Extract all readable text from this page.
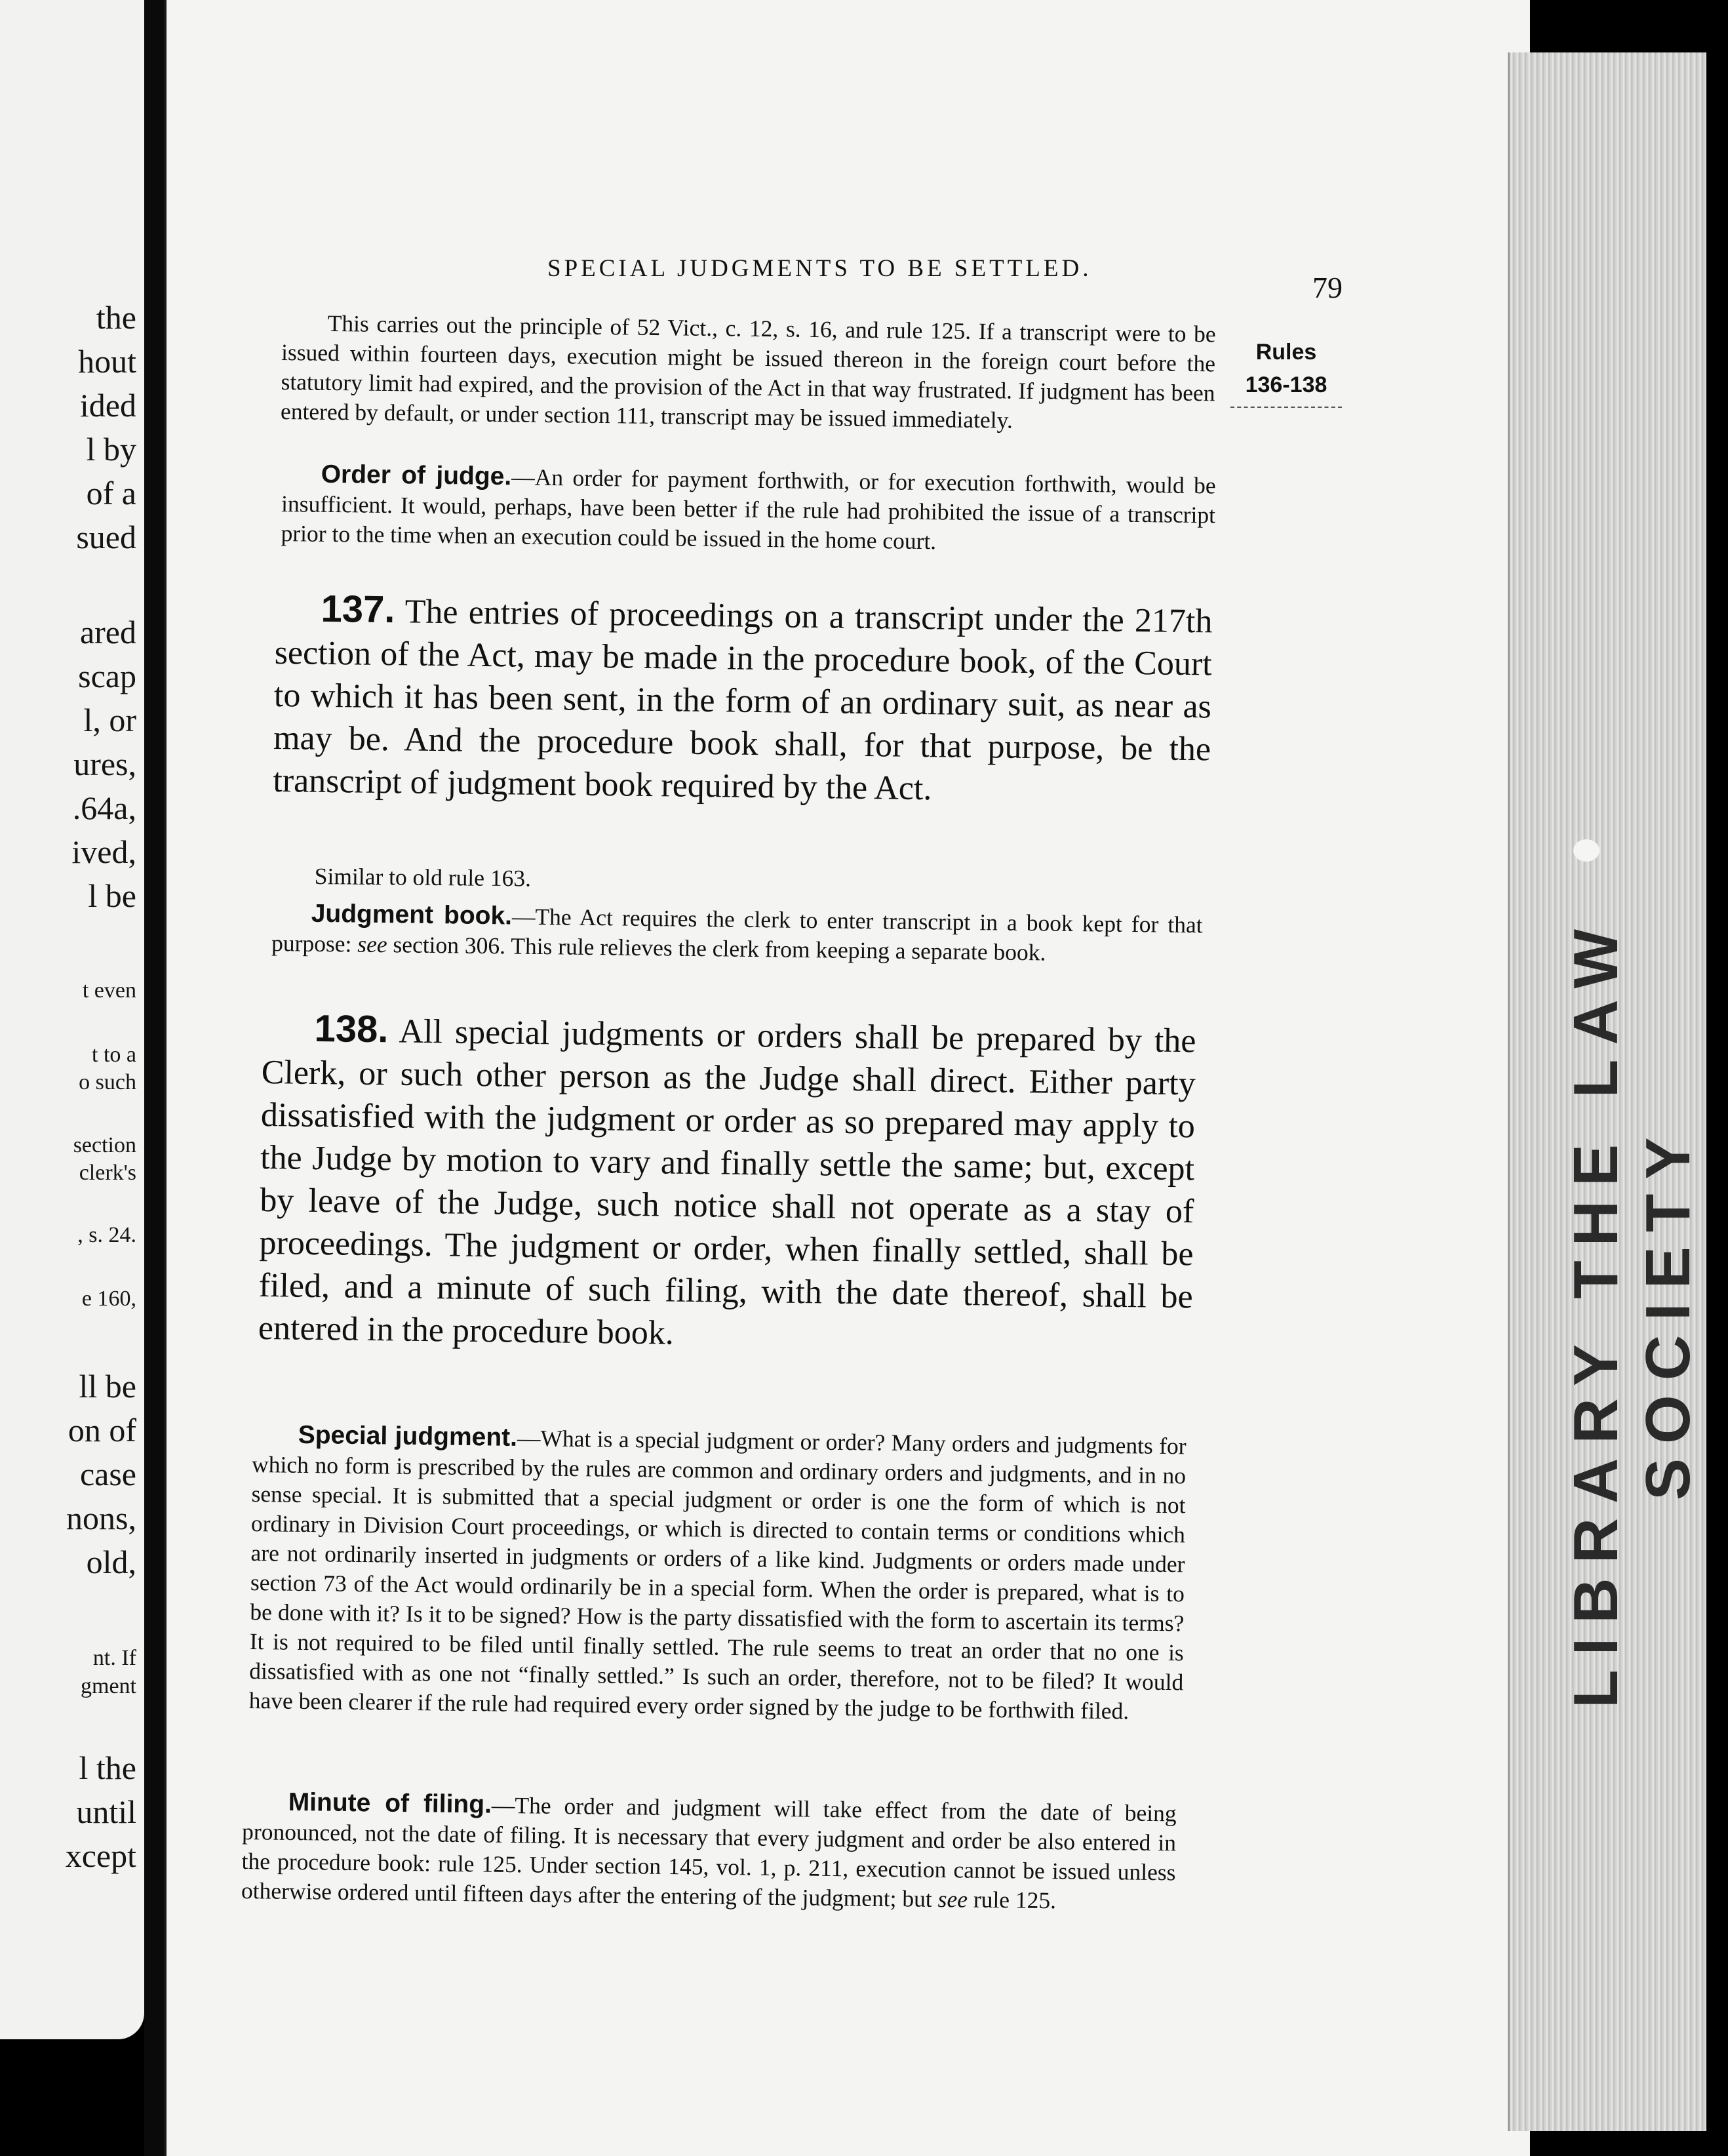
the
hout
ided
l by
of a
sued
ared
scap
l, or
ures,
.64a,
ived,
l be
t even
t to a
o such
section
clerk's
, s. 24.
e 160,
ll be
on of
case
nons,
old,
nt. If
gment
l the
until
xcept
LIBRARY THE LAW SOCIETY
SPECIAL JUDGMENTS TO BE SETTLED.
79
Rules
136-138
This carries out the principle of 52 Vict., c. 12, s. 16, and rule 125. If a transcript were to be issued within fourteen days, execution might be issued thereon in the foreign court before the statutory limit had expired, and the provision of the Act in that way frustrated. If judgment has been entered by default, or under section 111, transcript may be issued immediately.
Order of judge.—An order for payment forthwith, or for execution forthwith, would be insufficient. It would, perhaps, have been better if the rule had prohibited the issue of a transcript prior to the time when an execution could be issued in the home court.
137. The entries of proceedings on a transcript under the 217th section of the Act, may be made in the procedure book, of the Court to which it has been sent, in the form of an ordinary suit, as near as may be. And the procedure book shall, for that purpose, be the transcript of judgment book required by the Act.
Similar to old rule 163.
Judgment book.—The Act requires the clerk to enter transcript in a book kept for that purpose: see section 306. This rule relieves the clerk from keeping a separate book.
138. All special judgments or orders shall be prepared by the Clerk, or such other person as the Judge shall direct. Either party dissatisfied with the judgment or order as so prepared may apply to the Judge by motion to vary and finally settle the same; but, except by leave of the Judge, such notice shall not operate as a stay of proceedings. The judgment or order, when finally settled, shall be filed, and a minute of such filing, with the date thereof, shall be entered in the procedure book.
Special judgment.—What is a special judgment or order? Many orders and judgments for which no form is prescribed by the rules are common and ordinary orders and judgments, and in no sense special. It is submitted that a special judgment or order is one the form of which is not ordinary in Division Court proceedings, or which is directed to contain terms or conditions which are not ordinarily inserted in judgments or orders of a like kind. Judgments or orders made under section 73 of the Act would ordinarily be in a special form. When the order is prepared, what is to be done with it? Is it to be signed? How is the party dissatisfied with the form to ascertain its terms? It is not required to be filed until finally settled. The rule seems to treat an order that no one is dissatisfied with as one not “finally settled.” Is such an order, therefore, not to be filed? It would have been clearer if the rule had required every order signed by the judge to be forthwith filed.
Minute of filing.—The order and judgment will take effect from the date of being pronounced, not the date of filing. It is necessary that every judgment and order be also entered in the procedure book: rule 125. Under section 145, vol. 1, p. 211, execution cannot be issued unless otherwise ordered until fifteen days after the entering of the judgment; but see rule 125.
